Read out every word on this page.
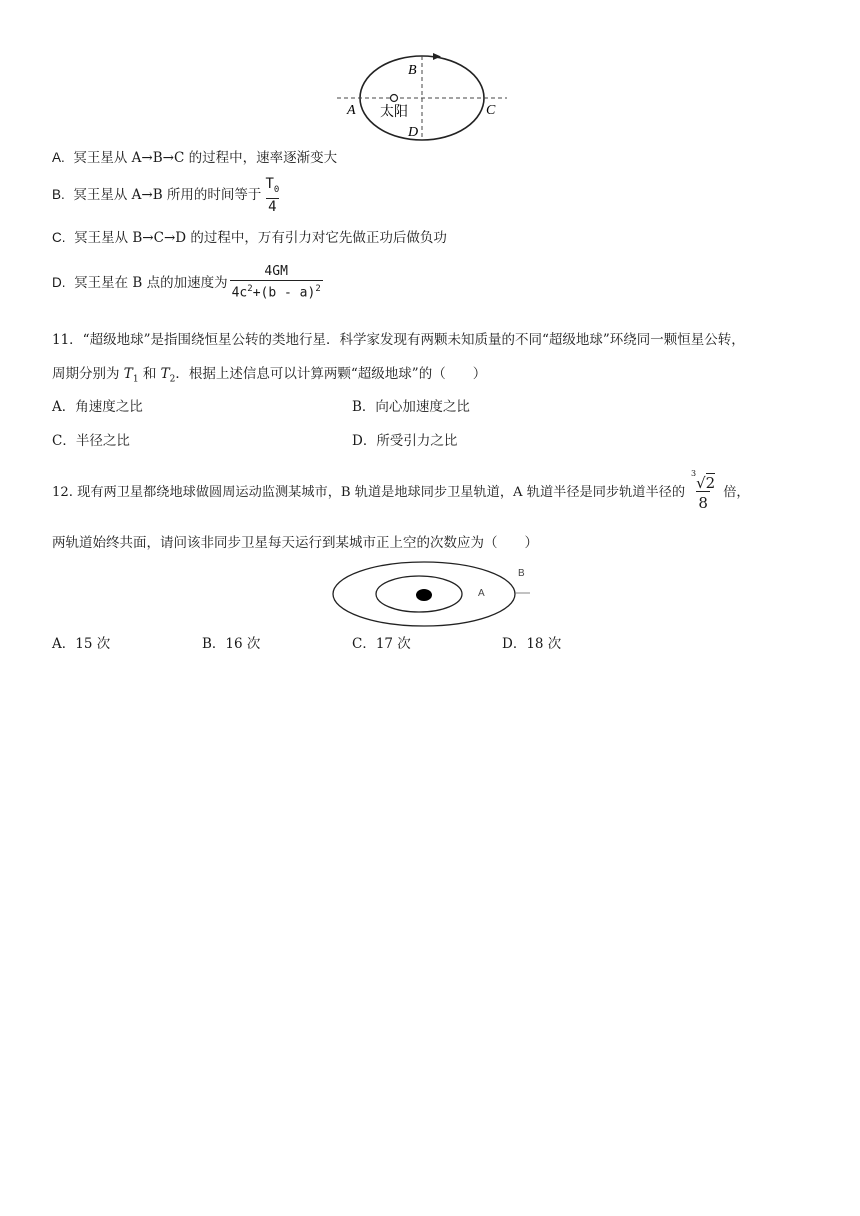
B
A	C
D
太阳
A. 冥王星从 A→B→C 的过程中，速率逐渐变大
B.
冥王星从 A→B 所用的时间等于 $\frac{T_0}{4}$
C. 冥王星从 B→C→D 的过程中，万有引力对它先做正功后做负功
D.
冥王星在 B 点的加速度为 $\frac{4GM}{4c^2+(b - a)^2}$
11．“超级地球”是指围绕恒星公转的类地行星．科学家发现有两颗未知质量的不同“超级地球”环绕同一颗恒星公转，
周期分别为 $T_1$ 和 $T_2$．根据上述信息可以计算两颗“超级地球”的（　　）
A．角速度之比	B．向心加速度之比
C．半径之比	D．所受引力之比
12. 现有两卫星都绕地球做圆周运动监测某城市，B 轨道是地球同步卫星轨道，A 轨道半径是同步轨道半径的 $\frac{^3√2}{8}$ 倍，
两轨道始终共面，请问该非同步卫星每天运行到某城市正上空的次数应为（　　）
A
B
A．15 次	B．16 次	C．17 次	D．18 次
